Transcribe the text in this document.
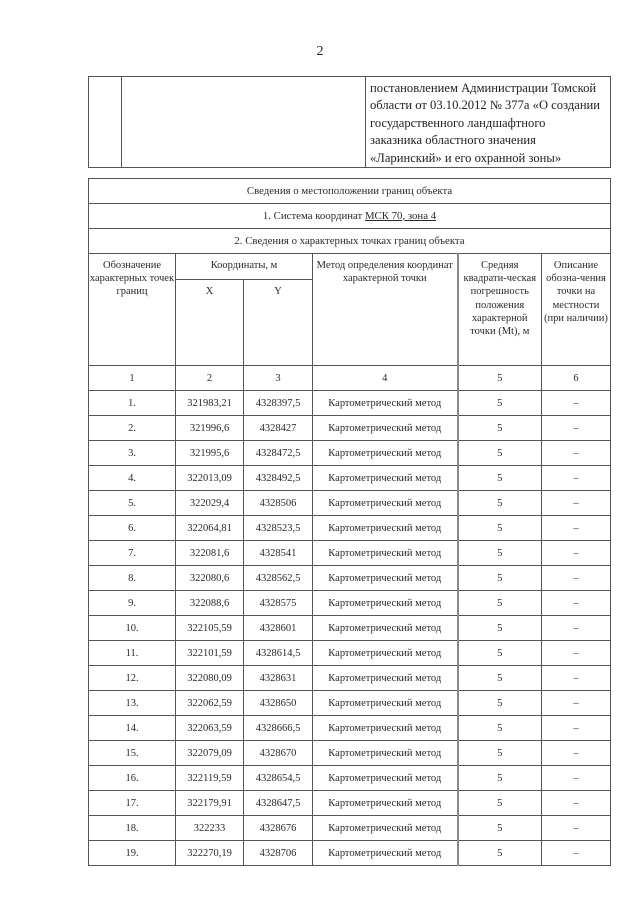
2

постановлением Администрации Томской
области от 03.10.2012 № 377а «О создании
государственного ландшафтного
заказника областного значения
«Ларинский» и его охранной зоны»
Сведения о местоположении границ объекта					
1. Система координат МСК 70, зона 4					
2. Сведения о характерных точках границ объекта					
Обозначение характерных точек границ	Координаты, м		Метод определения координат характерной точки	Средняя квадрати-ческая погрешность положения характерной точки (Mt), м	Описание обозна-чения точки на местности (при наличии)
	X	Y			
1	2	3	4	5	6
1.	321983,21	4328397,5	Картометрический метод	5	–
2.	321996,6	4328427	Картометрический метод	5	–
3.	321995,6	4328472,5	Картометрический метод	5	–
4.	322013,09	4328492,5	Картометрический метод	5	–
5.	322029,4	4328506	Картометрический метод	5	–
6.	322064,81	4328523,5	Картометрический метод	5	–
7.	322081,6	4328541	Картометрический метод	5	–
8.	322080,6	4328562,5	Картометрический метод	5	–
9.	322088,6	4328575	Картометрический метод	5	–
10.	322105,59	4328601	Картометрический метод	5	–
11.	322101,59	4328614,5	Картометрический метод	5	–
12.	322080,09	4328631	Картометрический метод	5	–
13.	322062,59	4328650	Картометрический метод	5	–
14.	322063,59	4328666,5	Картометрический метод	5	–
15.	322079,09	4328670	Картометрический метод	5	–
16.	322119,59	4328654,5	Картометрический метод	5	–
17.	322179,91	4328647,5	Картометрический метод	5	–
18.	322233	4328676	Картометрический метод	5	–
19.	322270,19	4328706	Картометрический метод	5	–
